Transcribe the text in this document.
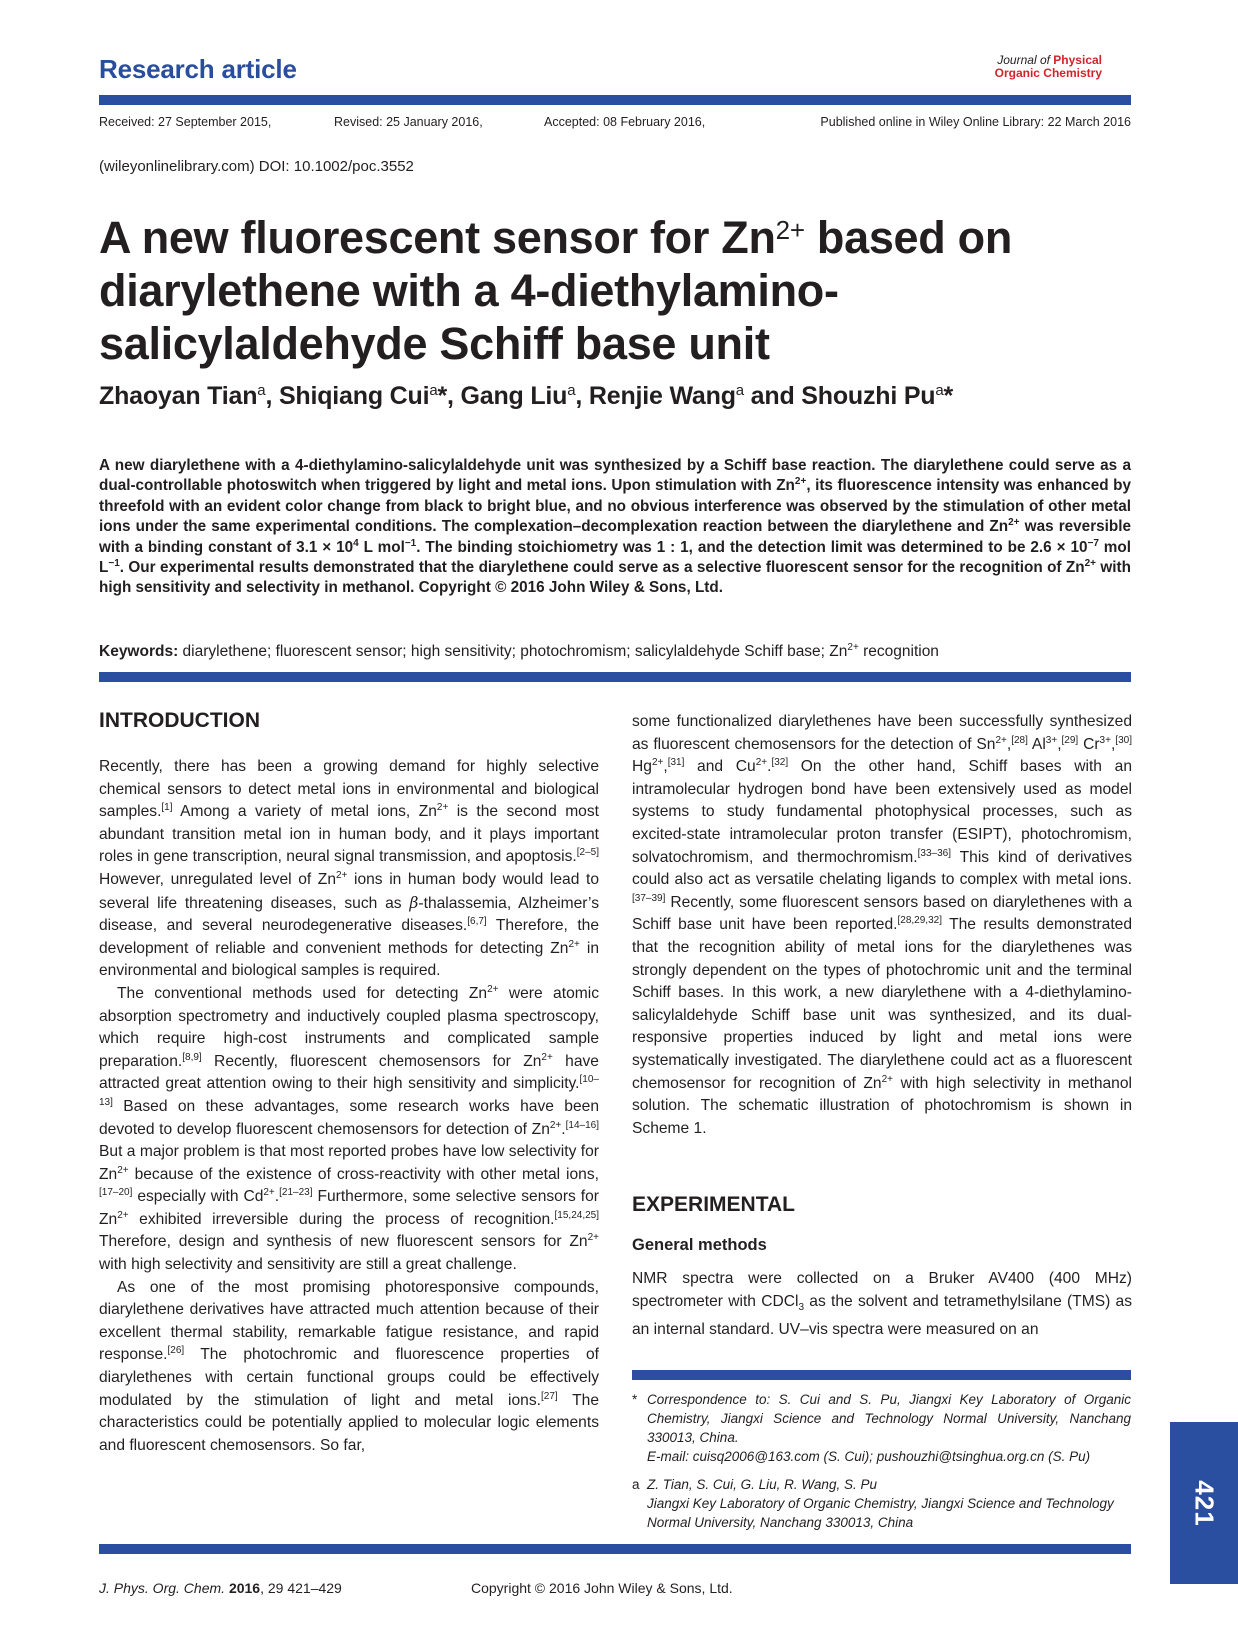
Research article	Journal of Physical
Organic Chemistry
Received: 27 September 2015,	Revised: 25 January 2016,	Accepted: 08 February 2016,	Published online in Wiley Online Library: 22 March 2016
(wileyonlinelibrary.com) DOI: 10.1002/poc.3552
A new fluorescent sensor for $Zn^{2+}$ based on
diarylethene with a 4-diethylamino-
salicylaldehyde Schiff base unit
Zhaoyan Tian$^a$, Shiqiang Cui$^a$*, Gang Liu$^a$, Renjie Wang$^a$ and Shouzhi Pu$^a$*
A new diarylethene with a 4-diethylamino-salicylaldehyde unit was synthesized by a Schiff base reaction. The diarylethene could serve as a dual-controllable photoswitch when triggered by light and metal ions. Upon stimulation with $Zn^{2+}$, its fluorescence intensity was enhanced by threefold with an evident color change from black to bright blue, and no obvious interference was observed by the stimulation of other metal ions under the same experimental conditions. The complexation–decomplexation reaction between the diarylethene and $Zn^{2+}$ was reversible with a binding constant of $3.1 \times 10^4$ L mol$^{-1}$. The binding stoichiometry was 1 : 1, and the detection limit was determined to be $2.6 \times 10^{-7}$ mol $L^{-1}$. Our experimental results demonstrated that the diarylethene could serve as a selective fluorescent sensor for the recognition of $Zn^{2+}$ with high sensitivity and selectivity in methanol. Copyright © 2016 John Wiley & Sons, Ltd.
Keywords: diarylethene; fluorescent sensor; high sensitivity; photochromism; salicylaldehyde Schiff base; $Zn^{2+}$ recognition
INTRODUCTION

Recently, there has been a growing demand for highly selective chemical sensors to detect metal ions in environmental and biological samples.[1] Among a variety of metal ions, $Zn^{2+}$ is the second most abundant transition metal ion in human body, and it plays important roles in gene transcription, neural signal transmission, and apoptosis.[2–5] However, unregulated level of $Zn^{2+}$ ions in human body would lead to several life threatening diseases, such as β-thalassemia, Alzheimer’s disease, and several neurodegenerative diseases.[6,7] Therefore, the development of reliable and convenient methods for detecting $Zn^{2+}$ in environmental and biological samples is required.

The conventional methods used for detecting $Zn^{2+}$ were atomic absorption spectrometry and inductively coupled plasma spectroscopy, which require high-cost instruments and complicated sample preparation.[8,9] Recently, fluorescent chemosensors for $Zn^{2+}$ have attracted great attention owing to their high sensitivity and simplicity.[10–13] Based on these advantages, some research works have been devoted to develop fluorescent chemosensors for detection of $Zn^{2+}.[14-16]$ But a major problem is that most reported probes have low selectivity for $Zn^{2+}$ because of the existence of cross-reactivity with other metal ions,[17–20] especially with $Cd^{2+}.[21-23]$ Furthermore, some selective sensors for $Zn^{2+}$ exhibited irreversible during the process of recognition.[15,24,25] Therefore, design and synthesis of new fluorescent sensors for $Zn^{2+}$ with high selectivity and sensitivity are still a great challenge.

As one of the most promising photoresponsive compounds, diarylethene derivatives have attracted much attention because of their excellent thermal stability, remarkable fatigue resistance, and rapid response.[26] The photochromic and fluorescence properties of diarylethenes with certain functional groups could be effectively modulated by the stimulation of light and metal ions.[27] The characteristics could be potentially applied to molecular logic elements and fluorescent chemosensors. So far,

some functionalized diarylethenes have been successfully synthesized as fluorescent chemosensors for the detection of $Sn^{2+},[28]$ $Al^{3+},[29]$ $Cr^{3+},[30]$ $Hg^{2+},[31]$ and $Cu^{2+}.[32]$ On the other hand, Schiff bases with an intramolecular hydrogen bond have been extensively used as model systems to study fundamental photophysical processes, such as excited-state intramolecular proton transfer (ESIPT), photochromism, solvatochromism, and thermochromism.[33–36] This kind of derivatives could also act as versatile chelating ligands to complex with metal ions.[37–39] Recently, some fluorescent sensors based on diarylethenes with a Schiff base unit have been reported.[28,29,32] The results demonstrated that the recognition ability of metal ions for the diarylethenes was strongly dependent on the types of photochromic unit and the terminal Schiff bases. In this work, a new diarylethene with a 4-diethylamino-salicylaldehyde Schiff base unit was synthesized, and its dual-responsive properties induced by light and metal ions were systematically investigated. The diarylethene could act as a fluorescent chemosensor for recognition of $Zn^{2+}$ with high selectivity in methanol solution. The schematic illustration of photochromism is shown in Scheme 1.

EXPERIMENTAL
General methods

NMR spectra were collected on a Bruker AV400 (400 MHz) spectrometer with CDCl$_3$ as the solvent and tetramethylsilane (TMS) as an internal standard. UV–vis spectra were measured on an

* Correspondence to: S. Cui and S. Pu, Jiangxi Key Laboratory of Organic Chemistry, Jiangxi Science and Technology Normal University, Nanchang 330013, China.
E-mail: cuisq2006@163.com (S. Cui); pushouzhi@tsinghua.org.cn (S. Pu)
a Z. Tian, S. Cui, G. Liu, R. Wang, S. Pu
Jiangxi Key Laboratory of Organic Chemistry, Jiangxi Science and Technology Normal University, Nanchang 330013, China
J. Phys. Org. Chem. 2016, 29 421–429	Copyright © 2016 John Wiley & Sons, Ltd.
421
